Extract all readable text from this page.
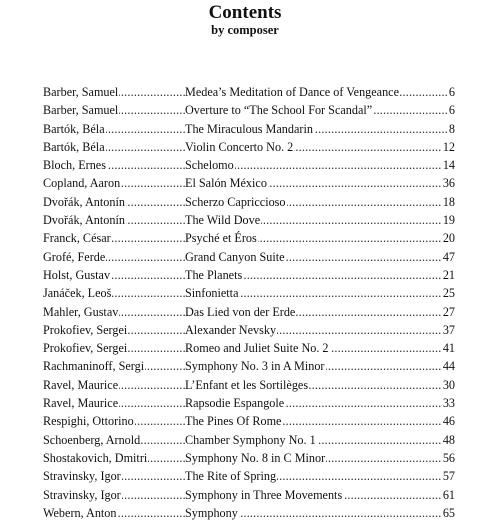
Contents
by composer
.....
Barber, Samuel .....	Medea’s Meditation of Dance of Vengeance	6
.....
Barber, Samuel .....	Overture to “The School For Scandal”	6
.....
Bartók, Béla .....	The Miraculous Mandarin	8
.....
Bartók, Béla .....	Violin Concerto No. 2	12
.....
Bloch, Ernes .....	Schelomo	14
.....
Copland, Aaron .....	El Salón México	36
.....
Dvořák, Antonín .....	Scherzo Capriccioso	18
.....
Dvořák, Antonín .....	The Wild Dove	19
.....
Franck, César .....	Psyché et Éros	20
.....
Grofé, Ferde .....	Grand Canyon Suite	47
.....
Holst, Gustav .....	The Planets	21
.....
Janáček, Leoš .....	Sinfonietta	25
.....
Mahler, Gustav .....	Das Lied von der Erde	27
.....
Prokofiev, Sergei .....	Alexander Nevsky	37
.....
Prokofiev, Sergei .....	Romeo and Juliet Suite No. 2	41
.....
Rachmaninoff, Sergi .....	Symphony No. 3 in A Minor	44
.....
Ravel, Maurice .....	L’Enfant et les Sortilèges	30
.....
Ravel, Maurice .....	Rapsodie Espangole	33
.....
Respighi, Ottorino .....	The Pines Of Rome	46
.....
Schoenberg, Arnold .....	Chamber Symphony No. 1	48
.....
Shostakovich, Dmitri .....	Symphony No. 8 in C Minor	56
.....
Stravinsky, Igor .....	The Rite of Spring	57
.....
Stravinsky, Igor .....	Symphony in Three Movements	61
.....
Webern, Anton .....	Symphony	65
